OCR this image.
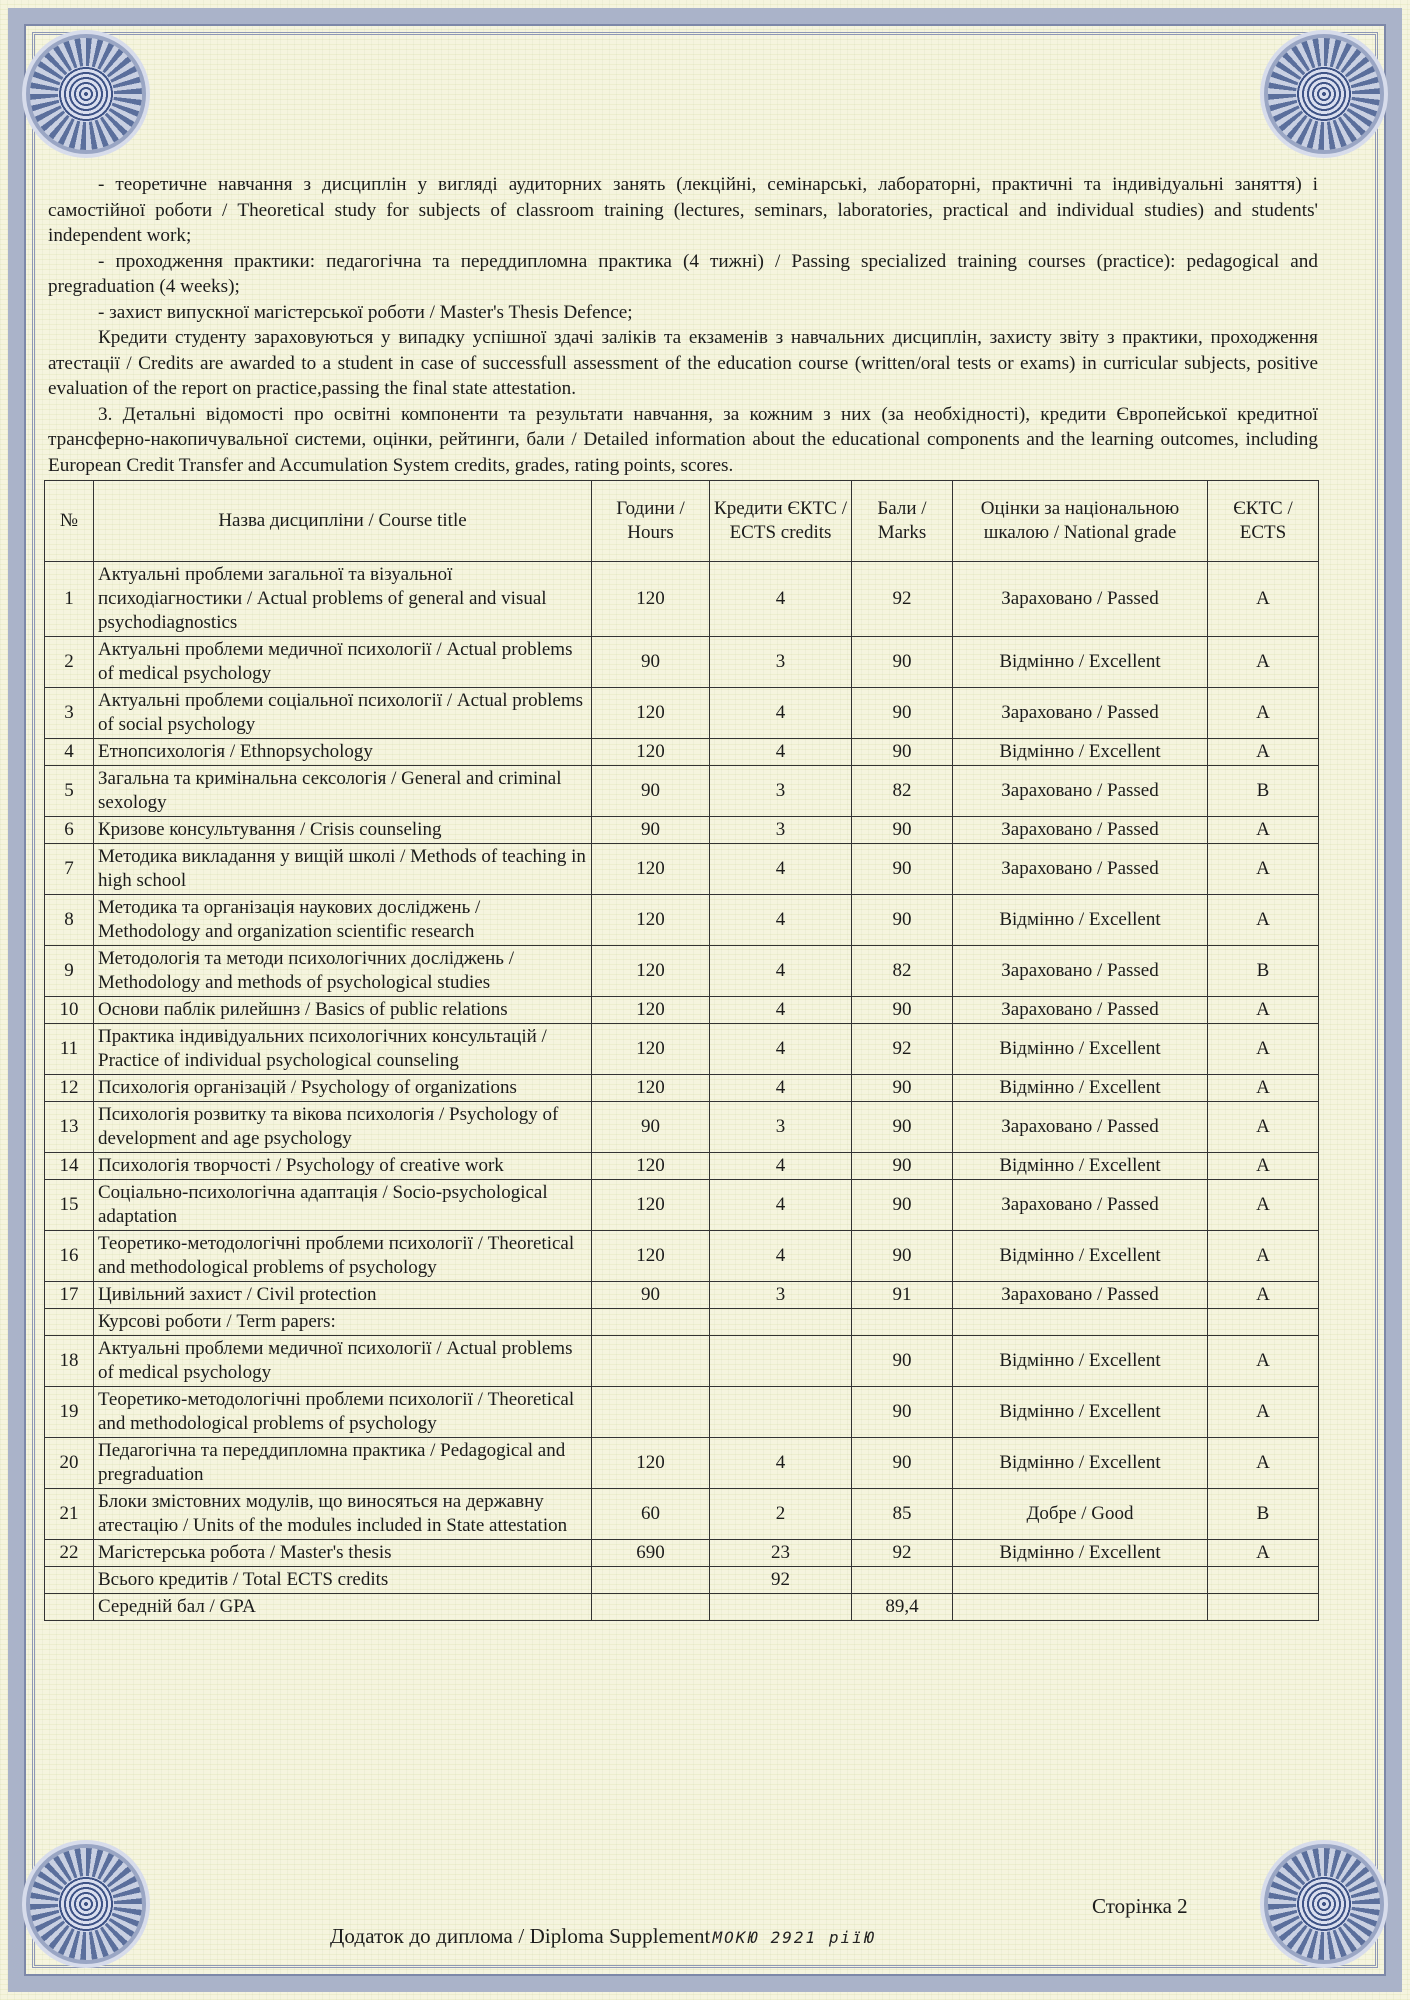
- теоретичне навчання з дисциплін у вигляді аудиторних занять (лекційні, семінарські, лабораторні, практичні та індивідуальні заняття) і самостійної роботи / Theoretical study for subjects of classroom training (lectures, seminars, laboratories, practical and individual studies) and students' independent work;

- проходження практики: педагогічна та переддипломна практика (4 тижні) / Passing specialized training courses (practice): pedagogical and pregraduation (4 weeks);

- захист випускної магістерської роботи / Master's Thesis Defence;

Кредити студенту зараховуються у випадку успішної здачі заліків та екзаменів з навчальних дисциплін, захисту звіту з практики, проходження атестації / Credits are awarded to a student in case of successfull assessment of the education course (written/oral tests or exams) in curricular subjects, positive evaluation of the report on practice,passing the final state attestation.

3. Детальні відомості про освітні компоненти та результати навчання, за кожним з них (за необхідності), кредити Європейської кредитної трансферно-накопичувальної системи, оцінки, рейтинги, бали / Detailed information about the educational components and the learning outcomes, including European Credit Transfer and Accumulation System credits, grades, rating points, scores.

№	Назва дисципліни / Course title	Години / Hours	Кредити ЄКТС / ECTS credits	Бали / Marks	Оцінки за національною шкалою / National grade	ЄКТС / ECTS
1	Актуальні проблеми загальної та візуальної психодіагностики / Actual problems of general and visual psychodiagnostics	120	4	92	Зараховано / Passed	A
2	Актуальні проблеми медичної психології / Actual problems of medical psychology	90	3	90	Відмінно / Excellent	A
3	Актуальні проблеми соціальної психології / Actual problems of social psychology	120	4	90	Зараховано / Passed	A
4	Етнопсихологія / Ethnopsychology	120	4	90	Відмінно / Excellent	A
5	Загальна та кримінальна сексологія / General and criminal sexology	90	3	82	Зараховано / Passed	B
6	Кризове консультування / Crisis counseling	90	3	90	Зараховано / Passed	A
7	Методика викладання у вищій школі / Methods of teaching in high school	120	4	90	Зараховано / Passed	A
8	Методика та організація наукових досліджень / Methodology and organization scientific research	120	4	90	Відмінно / Excellent	A
9	Методологія та методи психологічних досліджень / Methodology and methods of psychological studies	120	4	82	Зараховано / Passed	B
10	Основи паблік рилейшнз / Basics of public relations	120	4	90	Зараховано / Passed	A
11	Практика індивідуальних психологічних консультацій / Practice of individual psychological counseling	120	4	92	Відмінно / Excellent	A
12	Психологія організацій / Psychology of organizations	120	4	90	Відмінно / Excellent	A
13	Психологія розвитку та вікова психологія / Psychology of development and age psychology	90	3	90	Зараховано / Passed	A
14	Психологія творчості / Psychology of creative work	120	4	90	Відмінно / Excellent	A
15	Соціально-психологічна адаптація / Socio-psychological adaptation	120	4	90	Зараховано / Passed	A
16	Теоретико-методологічні проблеми психології / Theoretical and methodological problems of psychology	120	4	90	Відмінно / Excellent	A
17	Цивільний захист / Civil protection	90	3	91	Зараховано / Passed	A
	Курсові роботи / Term papers:					
18	Актуальні проблеми медичної психології / Actual problems of medical psychology			90	Відмінно / Excellent	A
19	Теоретико-методологічні проблеми психології / Theoretical and methodological problems of psychology			90	Відмінно / Excellent	A
20	Педагогічна та переддипломна практика / Pedagogical and pregraduation	120	4	90	Відмінно / Excellent	A
21	Блоки змістовних модулів, що виносяться на державну атестацію / Units of the modules included in State attestation	60	2	85	Добре / Good	B
22	Магістерська робота / Master's thesis	690	23	92	Відмінно / Excellent	A
	Всього кредитів / Total ECTS credits		92			
	Середній бал / GPA			89,4		
Сторінка 2
Додаток до диплома / Diploma Supplement МОКЮ 2921 ріїЮ
